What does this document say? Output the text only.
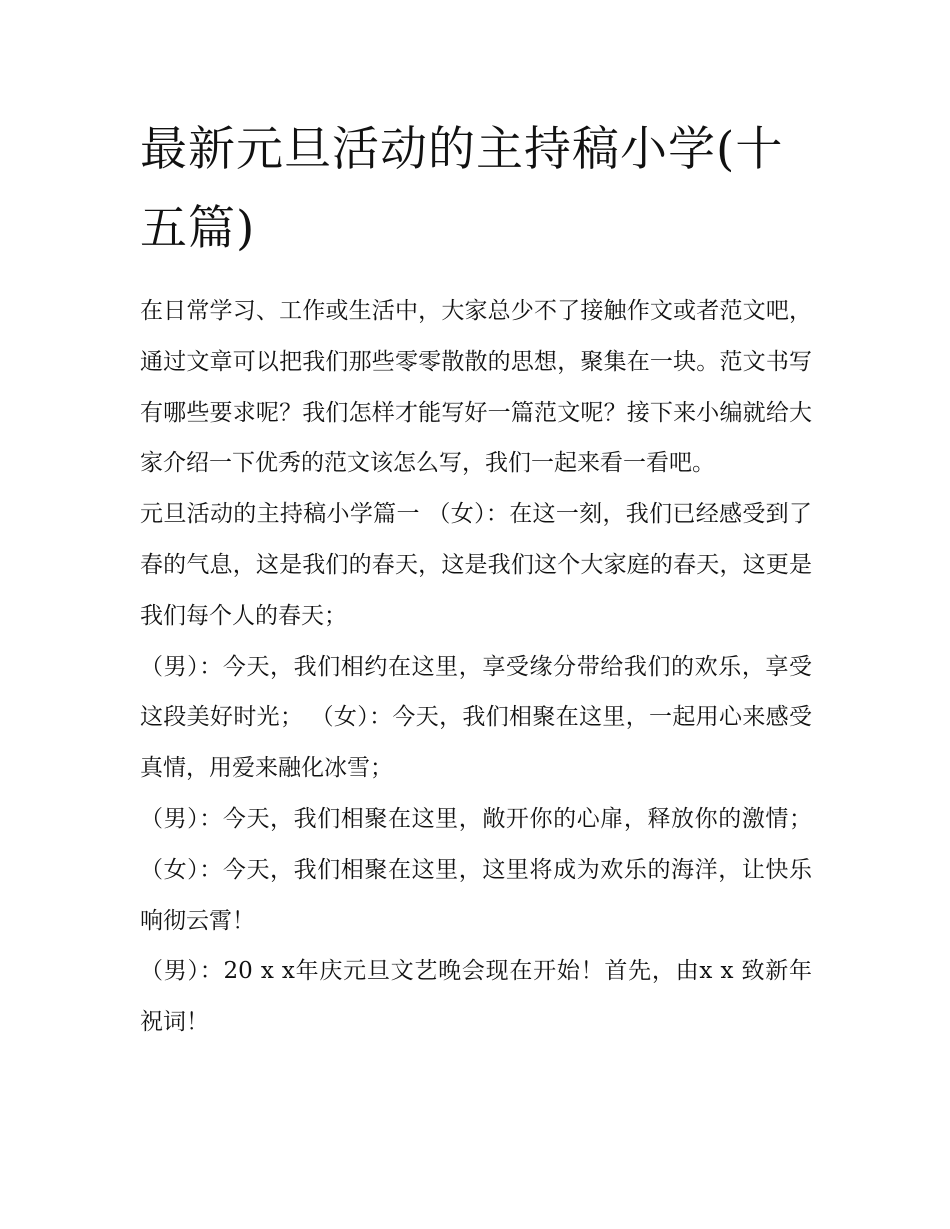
最新元旦活动的主持稿小学(十五篇)

在日常学习、工作或生活中，大家总少不了接触作文或者范文吧，通过文章可以把我们那些零零散散的思想，聚集在一块。范文书写有哪些要求呢？我们怎样才能写好一篇范文呢？接下来小编就给大家介绍一下优秀的范文该怎么写，我们一起来看一看吧。

元旦活动的主持稿小学篇一 （女）：在这一刻，我们已经感受到了春的气息，这是我们的春天，这是我们这个大家庭的春天，这更是我们每个人的春天；

（男）：今天，我们相约在这里，享受缘分带给我们的欢乐，享受这段美好时光； （女）：今天，我们相聚在这里，一起用心来感受真情，用爱来融化冰雪；

（男）：今天，我们相聚在这里，敞开你的心扉，释放你的激情； （女）：今天，我们相聚在这里，这里将成为欢乐的海洋，让快乐响彻云霄！

（男）：20 x x年庆元旦文艺晚会现在开始！首先，由x x 致新年祝词！
